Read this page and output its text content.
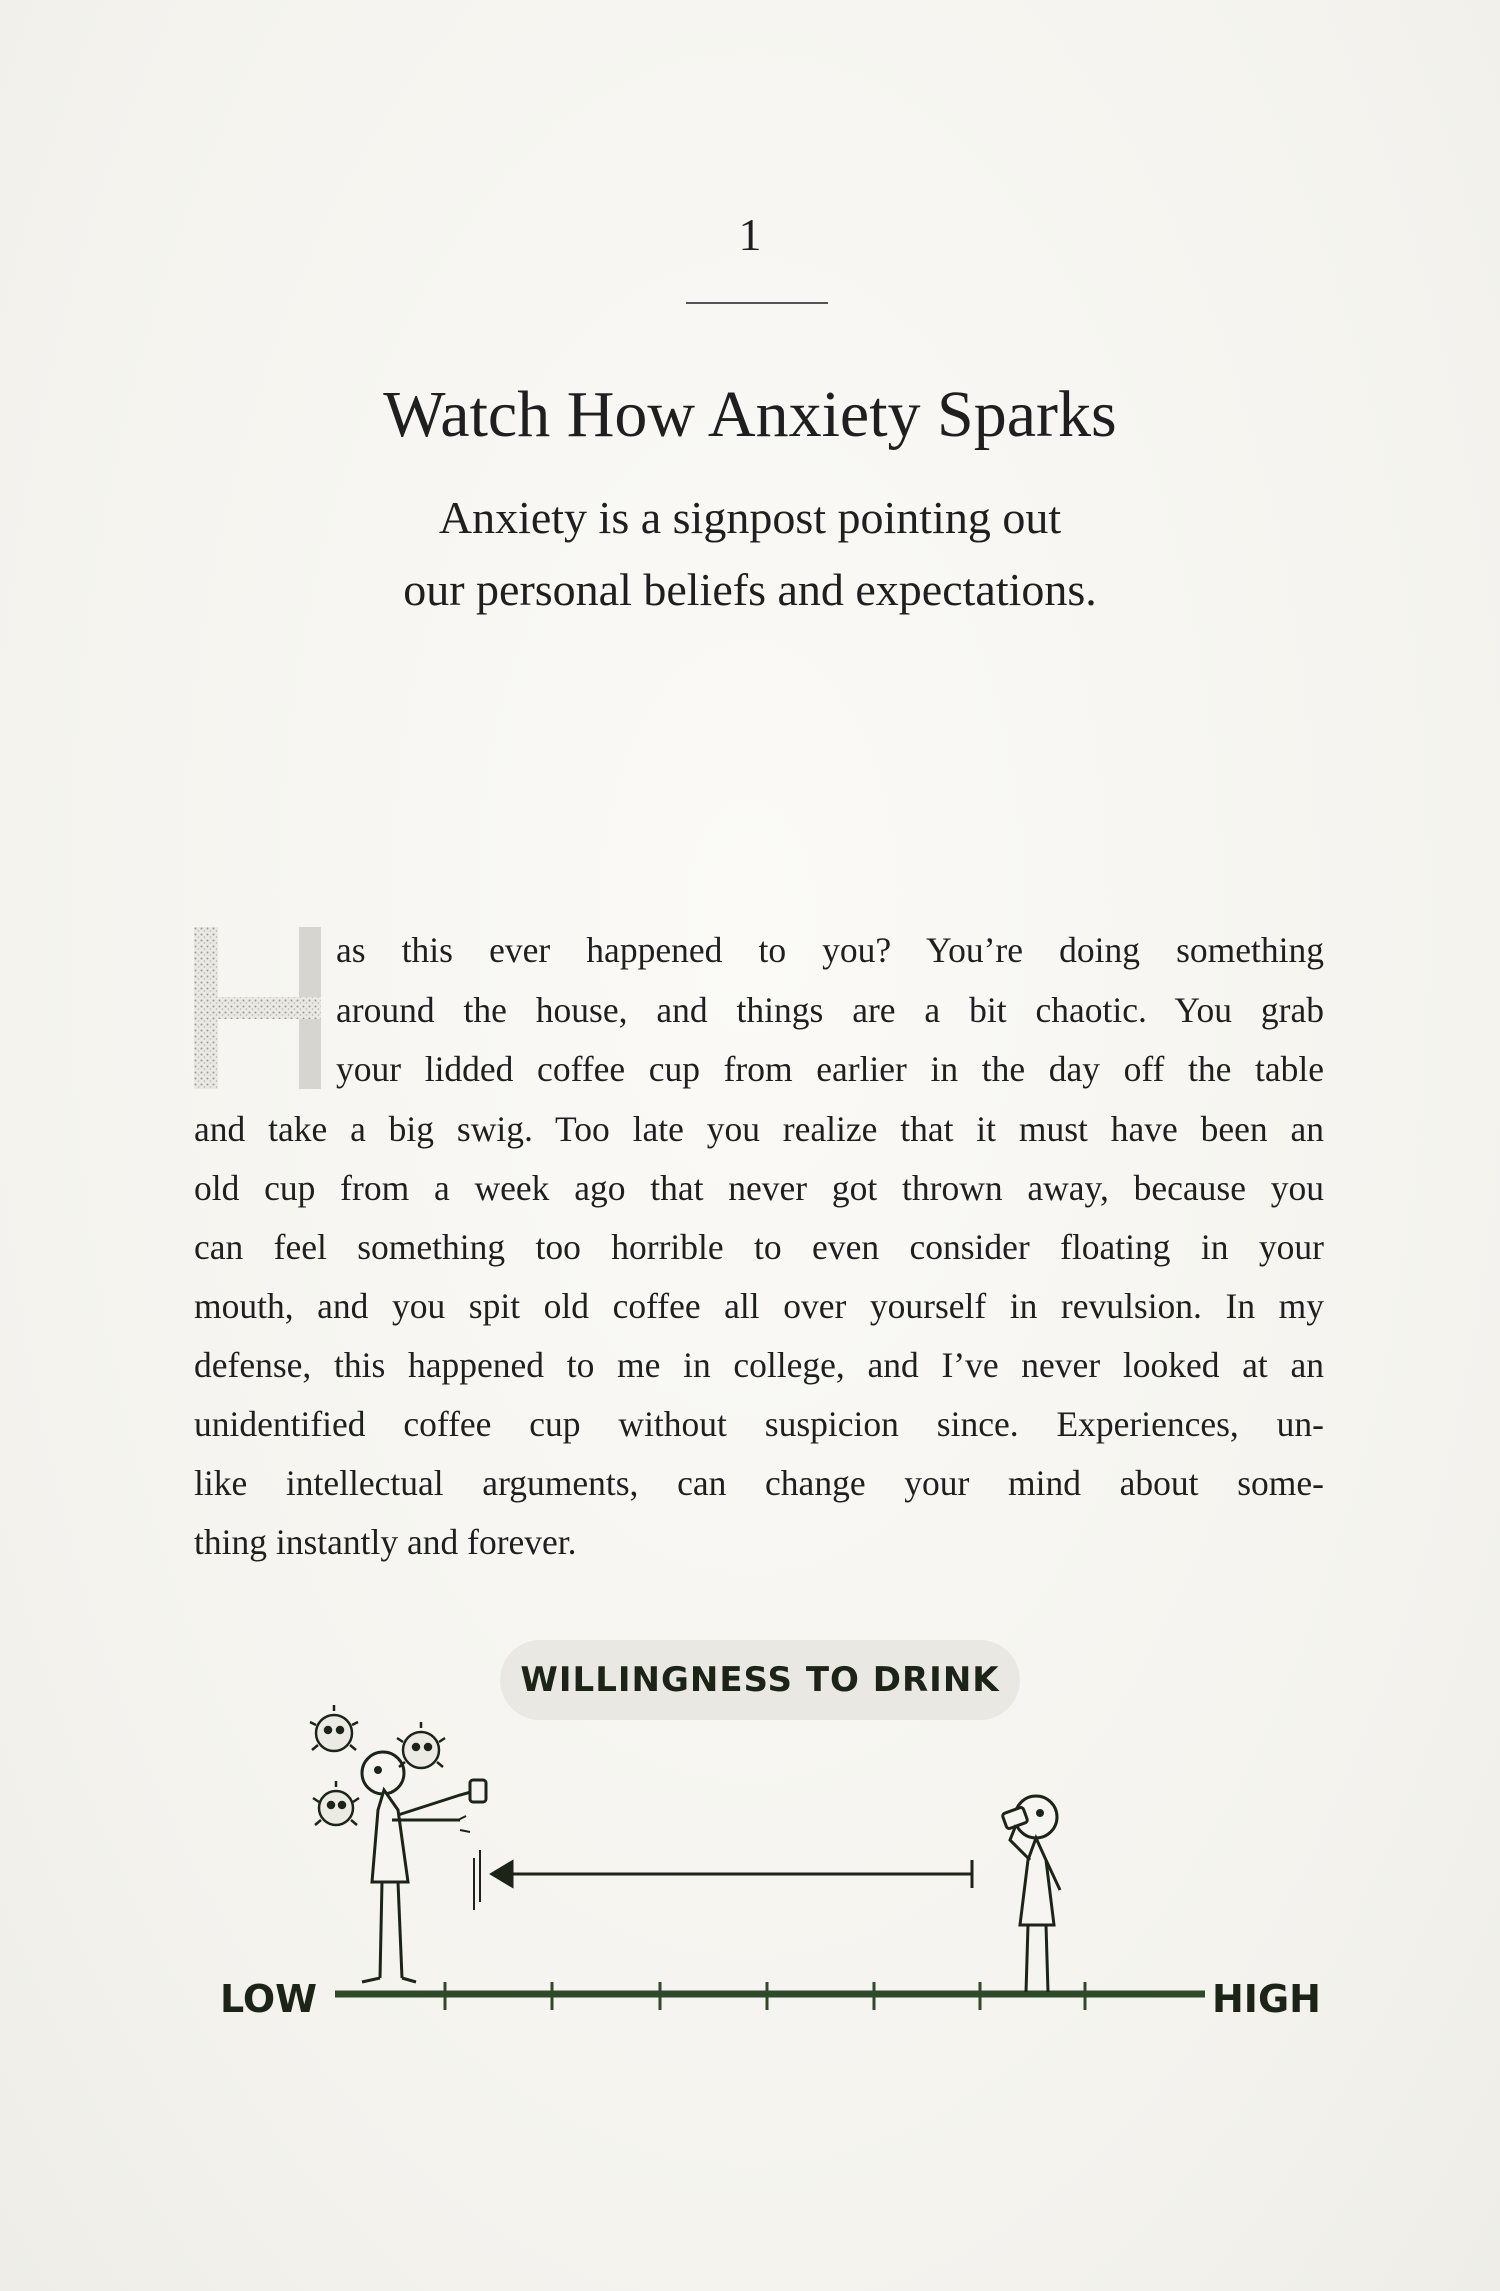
1
Watch How Anxiety Sparks
Anxiety is a signpost pointing out
our personal beliefs and expectations.
as this ever happened to you? You’re doing something
around the house, and things are a bit chaotic. You grab
your lidded coffee cup from earlier in the day off the table
and take a big swig. Too late you realize that it must have been an
old cup from a week ago that never got thrown away, because you
can feel something too horrible to even consider floating in your
mouth, and you spit old coffee all over yourself in revulsion. In my
defense, this happened to me in college, and I’ve never looked at an
unidentified coffee cup without suspicion since. Experiences, un-
like intellectual arguments, can change your mind about some-
thing instantly and forever.
WILLINGNESS TO DRINK
LOW	HIGH
